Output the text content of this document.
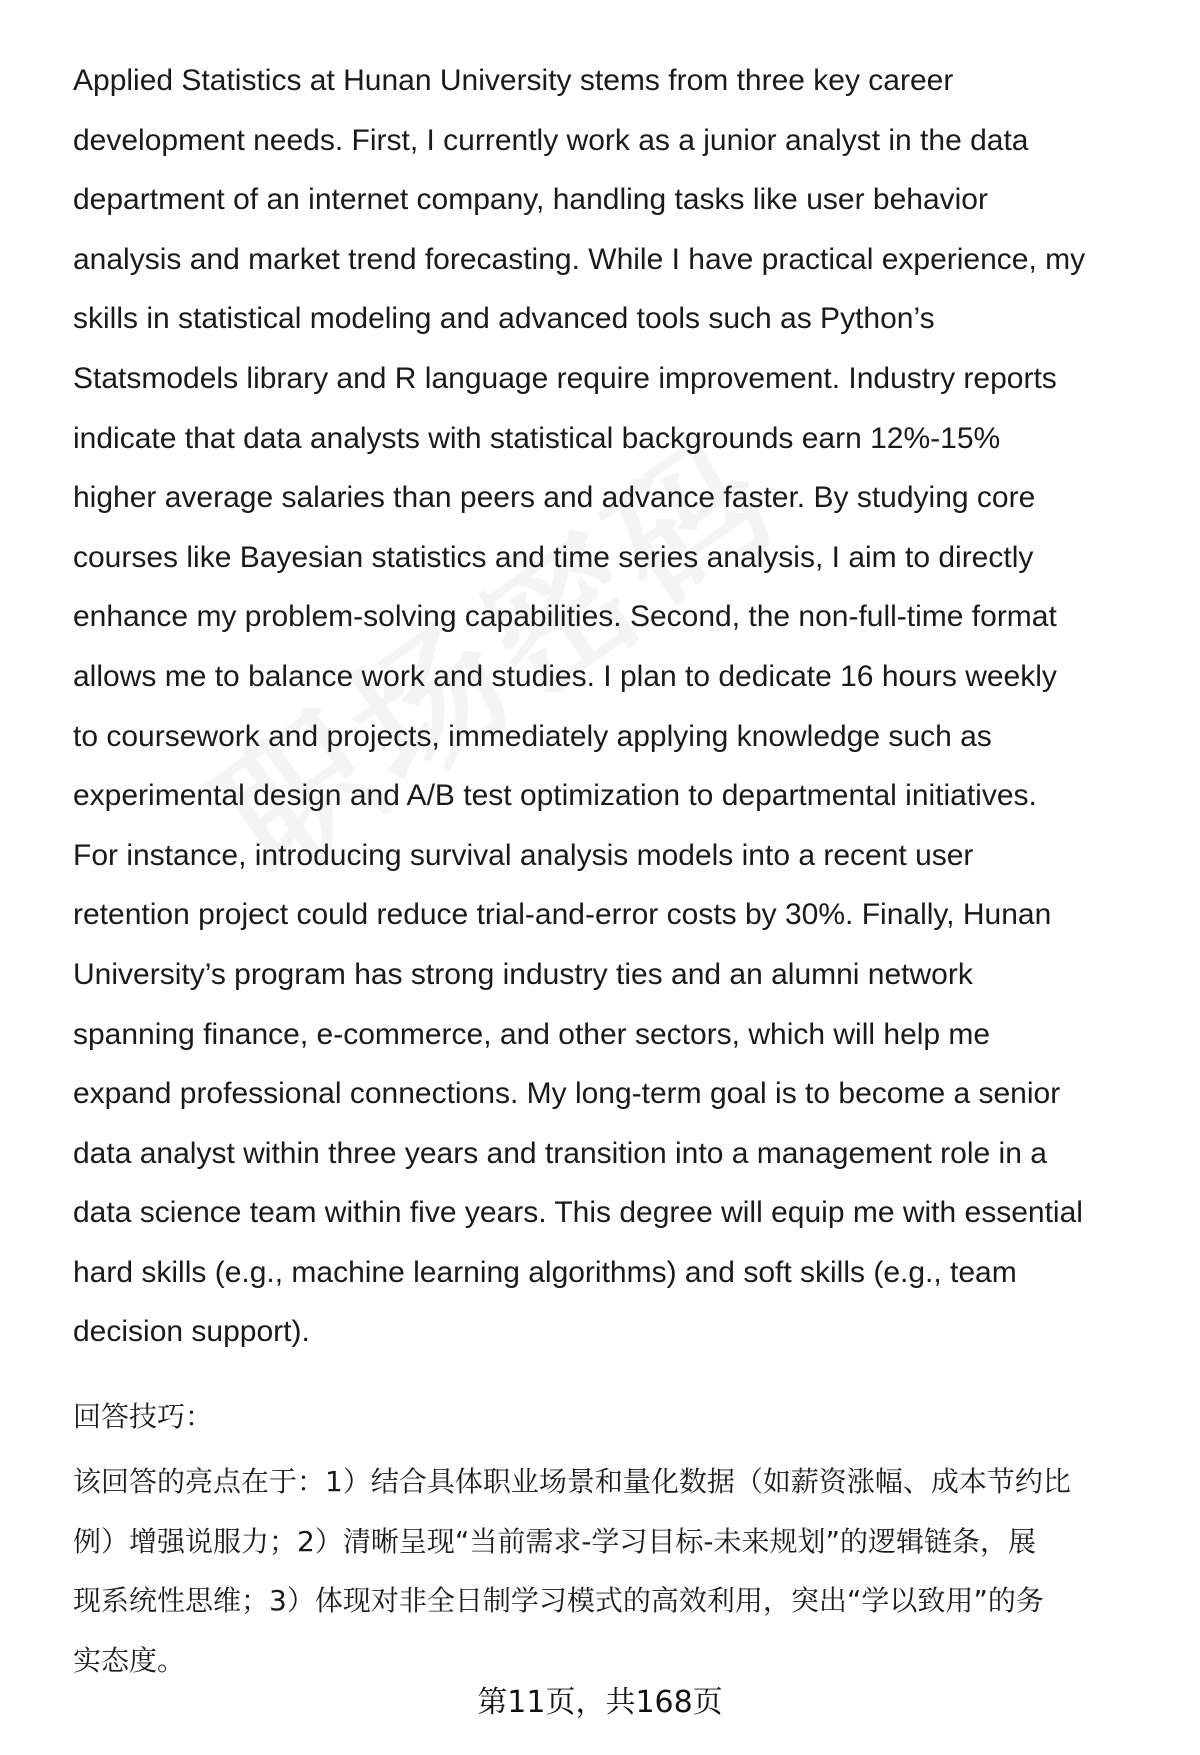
Applied Statistics at Hunan University stems from three key career
development needs. First, I currently work as a junior analyst in the data
department of an internet company, handling tasks like user behavior
analysis and market trend forecasting. While I have practical experience, my
skills in statistical modeling and advanced tools such as Python’s
Statsmodels library and R language require improvement. Industry reports
indicate that data analysts with statistical backgrounds earn 12%-15%
higher average salaries than peers and advance faster. By studying core
courses like Bayesian statistics and time series analysis, I aim to directly
enhance my problem-solving capabilities. Second, the non-full-time format
allows me to balance work and studies. I plan to dedicate 16 hours weekly
to coursework and projects, immediately applying knowledge such as
experimental design and A/B test optimization to departmental initiatives.
For instance, introducing survival analysis models into a recent user
retention project could reduce trial-and-error costs by 30%. Finally, Hunan
University’s program has strong industry ties and an alumni network
spanning finance, e-commerce, and other sectors, which will help me
expand professional connections. My long-term goal is to become a senior
data analyst within three years and transition into a management role in a
data science team within five years. This degree will equip me with essential
hard skills (e.g., machine learning algorithms) and soft skills (e.g., team
decision support).
回答技巧：
该回答的亮点在于：1）结合具体职业场景和量化数据（如薪资涨幅、成本节约比
例）增强说服力；2）清晰呈现“当前需求-学习目标-未来规划”的逻辑链条，展
现系统性思维；3）体现对非全日制学习模式的高效利用，突出“学以致用”的务
实态度。
第11页，共168页
